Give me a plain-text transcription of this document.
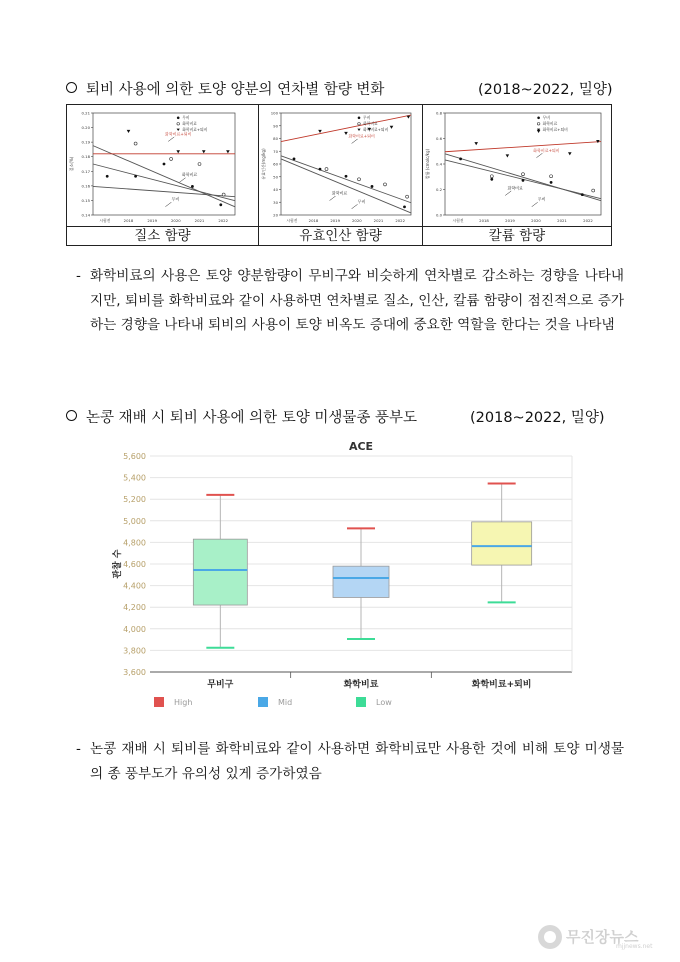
퇴비 사용에 의한 토양 양분의 연차별 함량 변화	(2018~2022, 밀양)
0.21
0.20
0.19
0.18
0.17
0.16
0.15
0.14
시험전	2018	2019	2020	2021	2022
질소(%)
무비
화학비료
화학비료+퇴비
화학비료+퇴비
화학비료
무비
질소 함량
100
90
80
70
60
50
40
30
20
시험전	2018	2019	2020	2021	2022
유효인산(mg/kg)
무비
화학비료
화학비료+퇴비
화학비료+퇴비
화학비료
무비
유효인산 함량
0.8
0.6
0.4
0.2
0.0
시험전	2018	2019	2020	2021	2022
칼륨 (cmolc/kg)
무비
화학비료
화학비료+퇴비
화학비료+퇴비
화학비료
무비
칼륨 함량
- 화학비료의 사용은 토양 양분함량이 무비구와 비슷하게 연차별로 감소하는 경향을 나타내지만, 퇴비를 화학비료와 같이 사용하면 연차별로 질소, 인산, 칼륨 함량이 점진적으로 증가하는 경향을 나타내 퇴비의 사용이 토양 비옥도 증대에 중요한 역할을 한다는 것을 나타냄
논콩 재배 시 퇴비 사용에 의한 토양 미생물종 풍부도	(2018~2022, 밀양)
ACE
3,600
3,800
4,000
4,200
4,400
4,600
4,800
5,000
5,200
5,400
5,600
관찰 수
무비구	화학비료	화학비료+퇴비
High	Mid	Low
- 논콩 재배 시 퇴비를 화학비료와 같이 사용하면 화학비료만 사용한 것에 비해 토양 미생물의 종 풍부도가 유의성 있게 증가하였음
무진장뉴스
mjjnews.net
